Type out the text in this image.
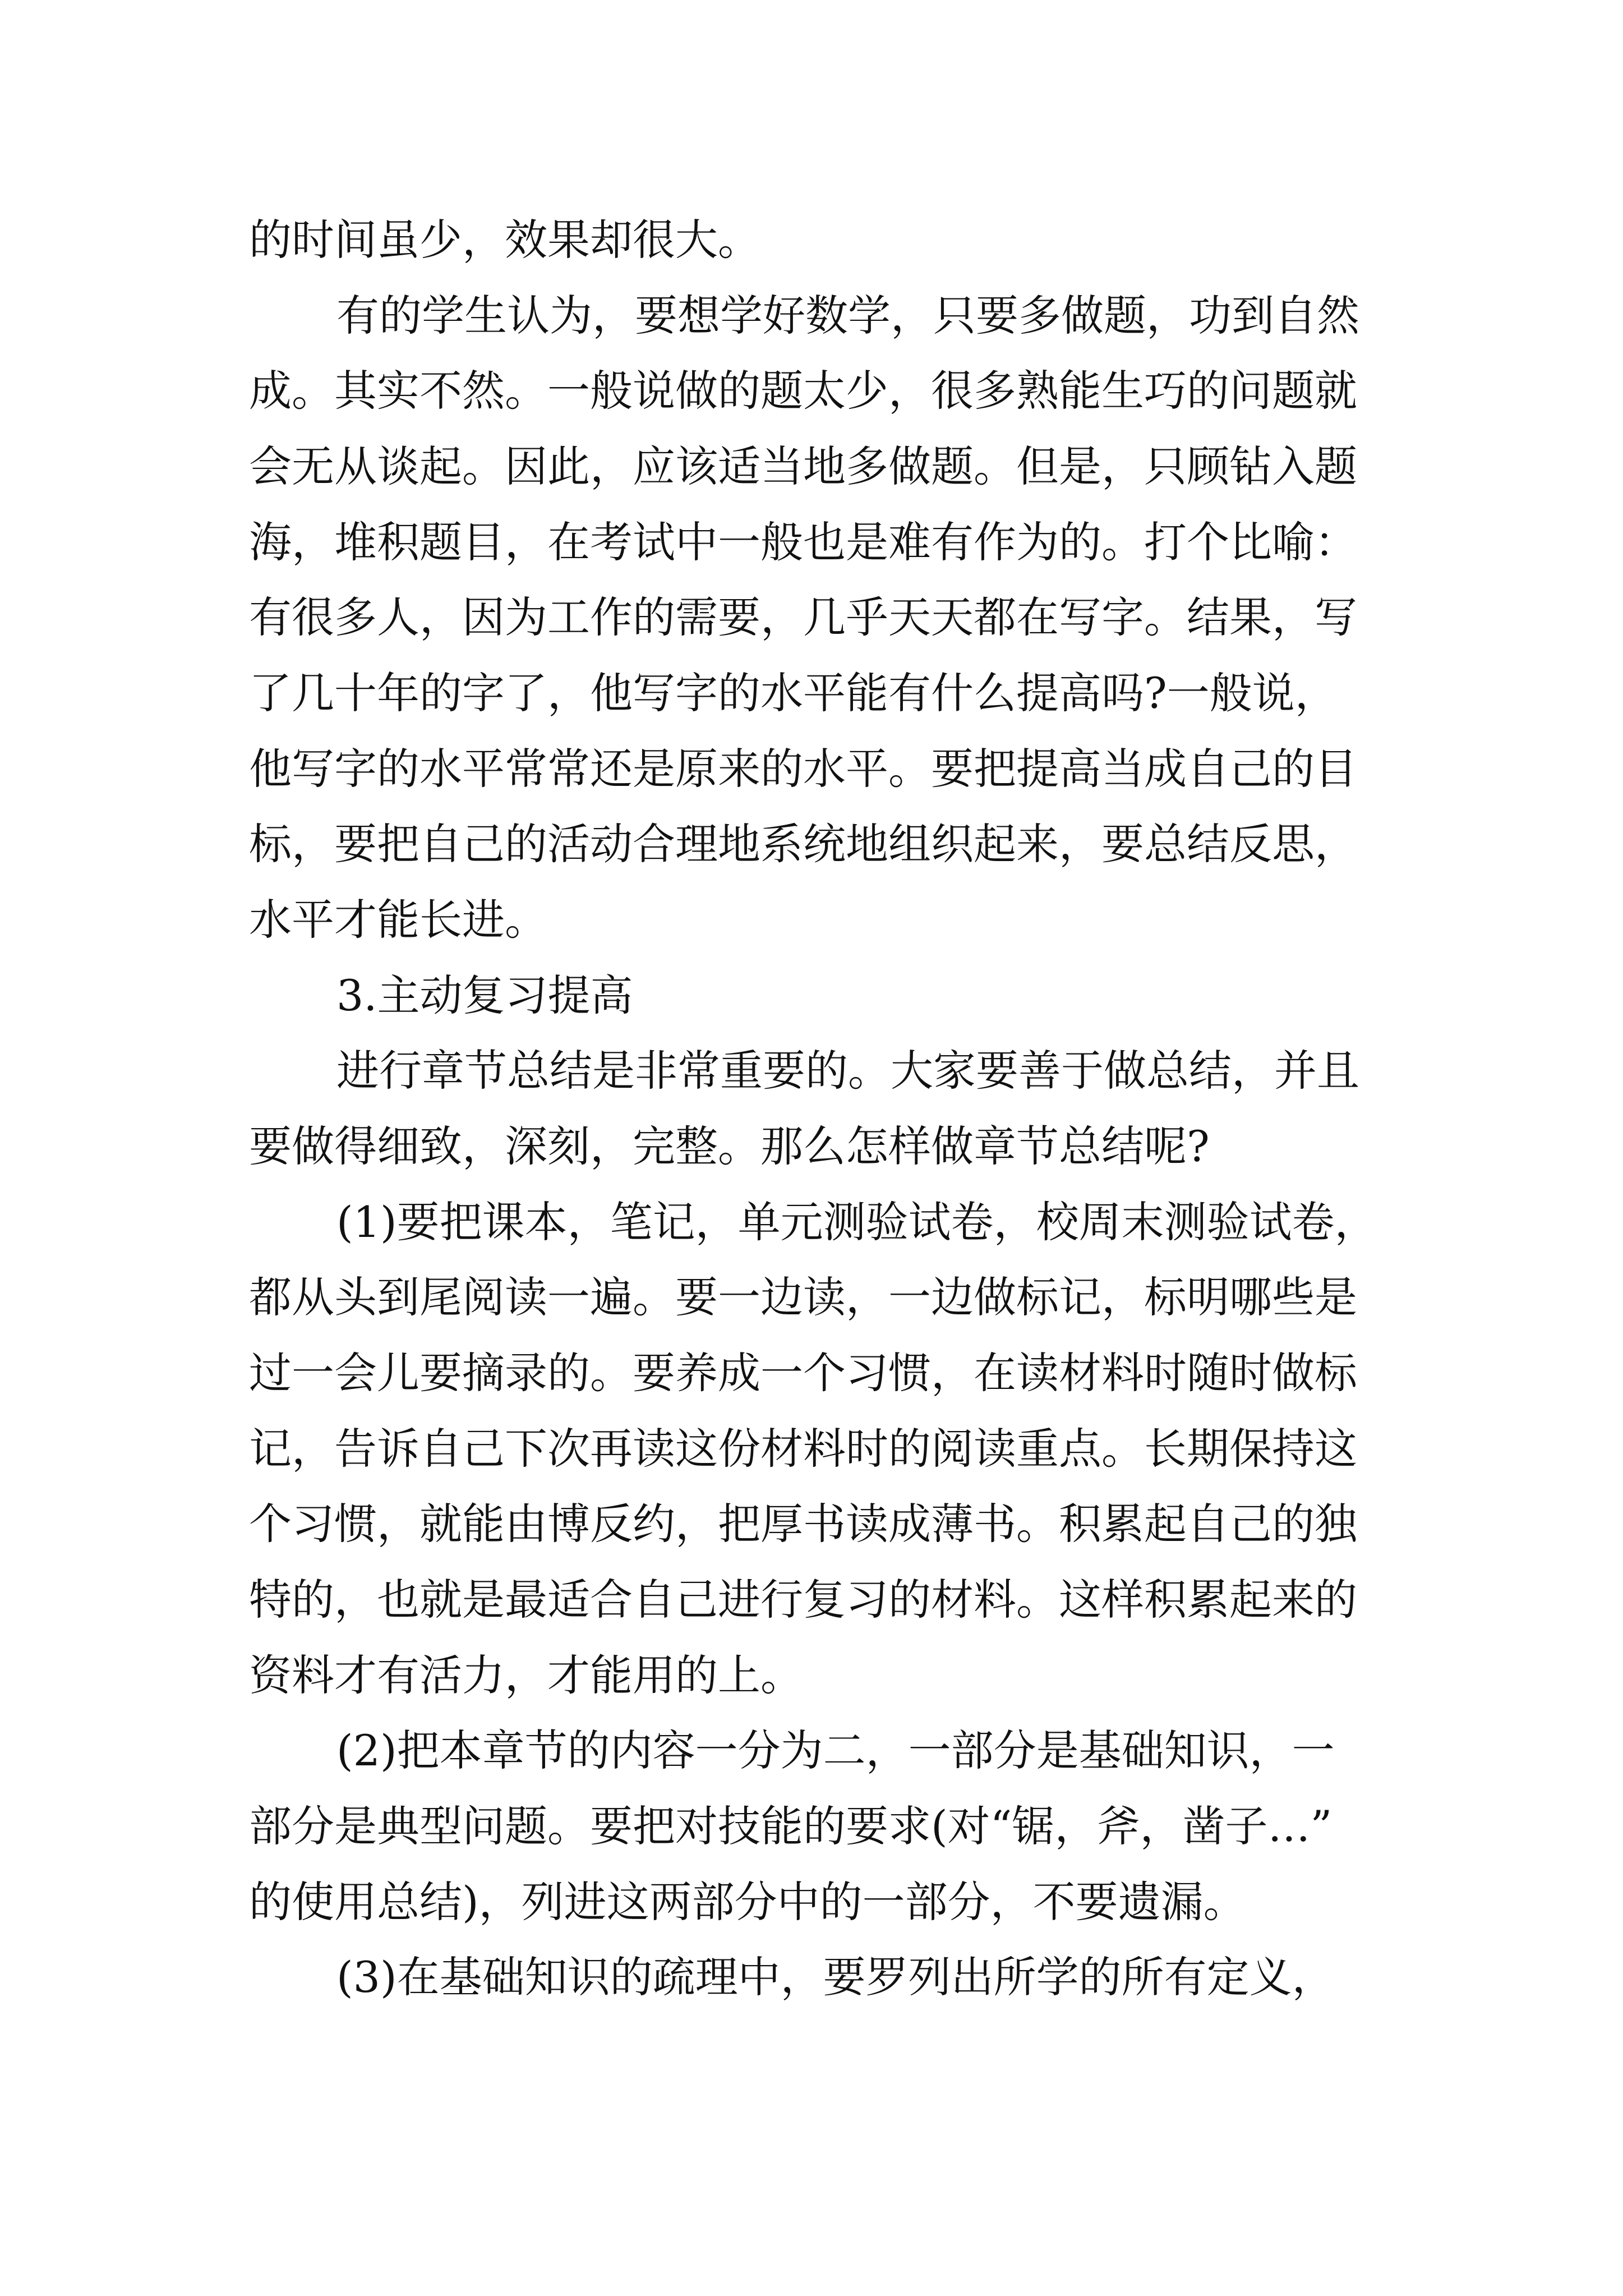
的时间虽少，效果却很大。
有的学生认为，要想学好数学，只要多做题，功到自然
成。其实不然。一般说做的题太少，很多熟能生巧的问题就
会无从谈起。因此，应该适当地多做题。但是，只顾钻入题
海，堆积题目，在考试中一般也是难有作为的。打个比喻：
有很多人，因为工作的需要，几乎天天都在写字。结果，写
了几十年的字了，他写字的水平能有什么提高吗?一般说，
他写字的水平常常还是原来的水平。要把提高当成自己的目
标，要把自己的活动合理地系统地组织起来，要总结反思，
水平才能长进。
3.主动复习提高
进行章节总结是非常重要的。大家要善于做总结，并且
要做得细致，深刻，完整。那么怎样做章节总结呢?
(1)要把课本，笔记，单元测验试卷，校周末测验试卷，
都从头到尾阅读一遍。要一边读，一边做标记，标明哪些是
过一会儿要摘录的。要养成一个习惯，在读材料时随时做标
记，告诉自己下次再读这份材料时的阅读重点。长期保持这
个习惯，就能由博反约，把厚书读成薄书。积累起自己的独
特的，也就是最适合自己进行复习的材料。这样积累起来的
资料才有活力，才能用的上。
(2)把本章节的内容一分为二，一部分是基础知识，一
部分是典型问题。要把对技能的要求(对“锯，斧，凿子…”
的使用总结)，列进这两部分中的一部分，不要遗漏。
(3)在基础知识的疏理中，要罗列出所学的所有定义，
